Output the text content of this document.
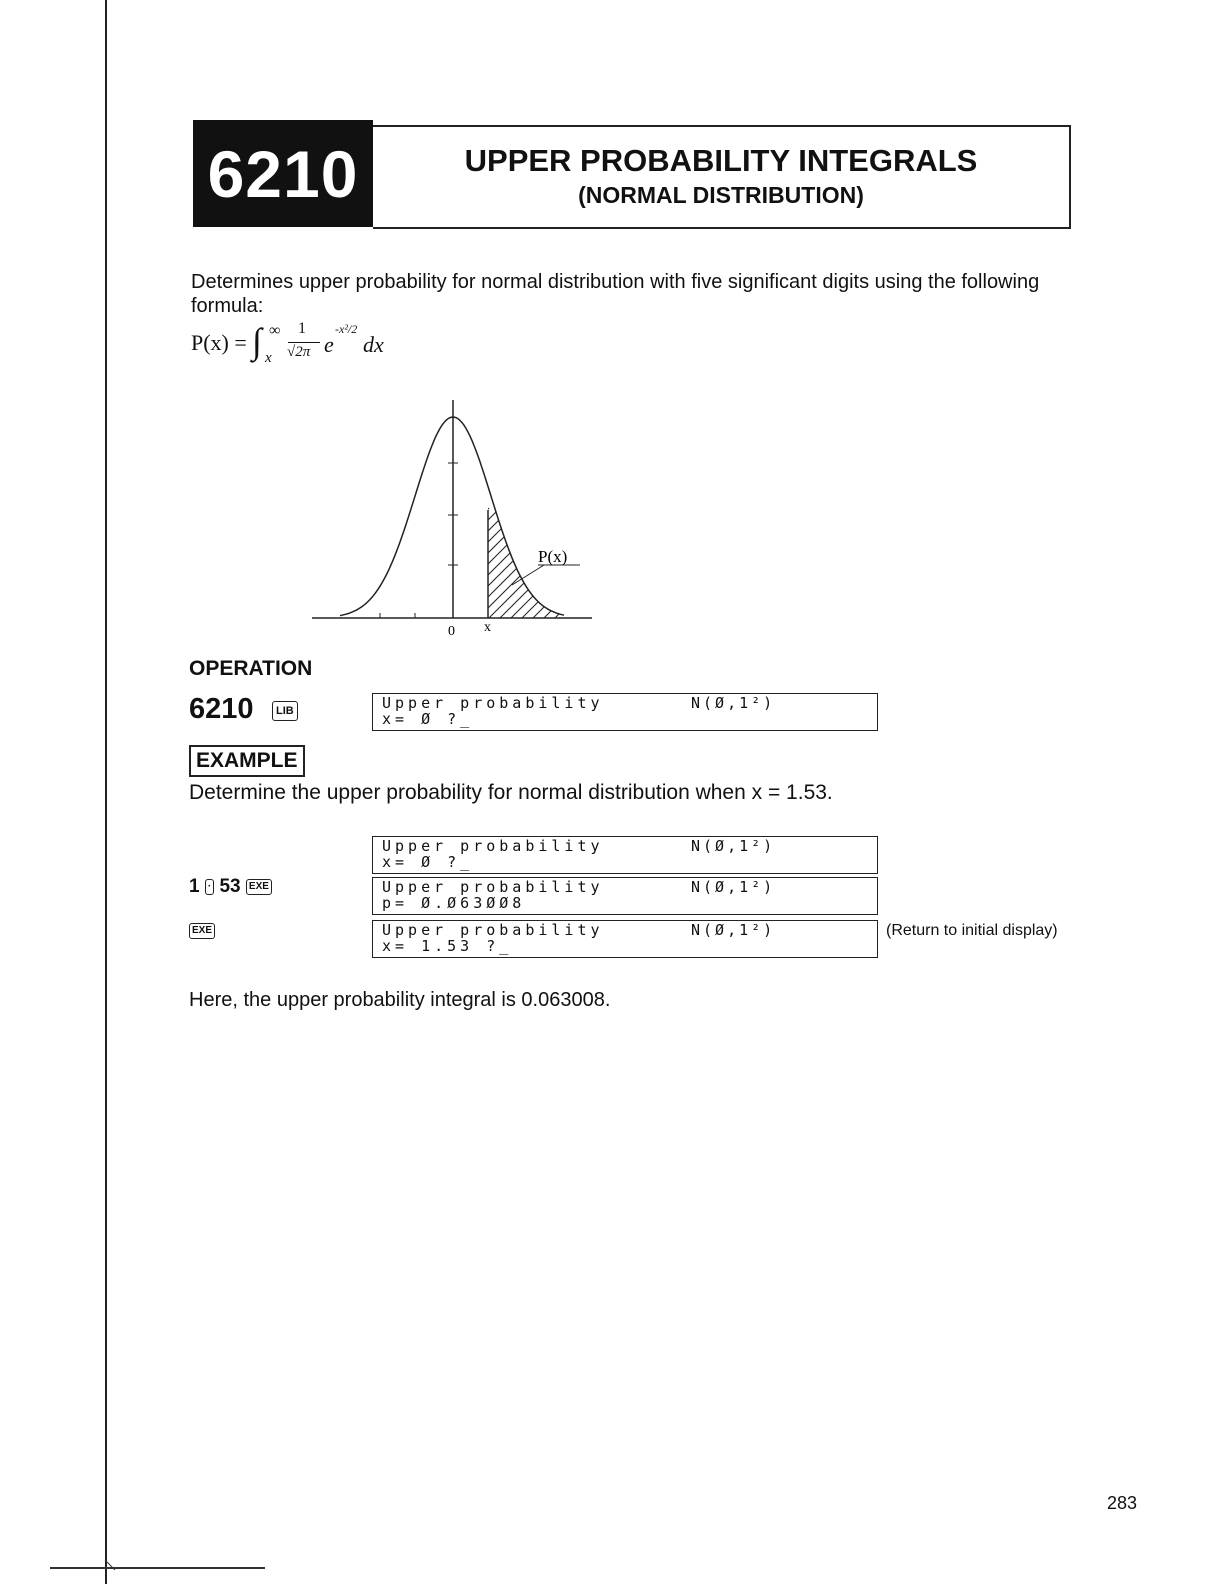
6210	UPPER PROBABILITY INTEGRALS
(NORMAL DISTRIBUTION)
Determines upper probability for normal distribution with five significant digits using the following formula:
P(x) = ∫ ∞
x
1
√2π e
-x²/2
dx
P(x)
0 x
OPERATION
6210	LIB	Upper probability	N(Ø,1²)
x= Ø ?_
EXAMPLE
Determine the upper probability for normal distribution when x = 1.53.
Upper probability	N(Ø,1²)
x= Ø ?_
1 · 53 EXE	Upper probability	N(Ø,1²)
p= Ø.Ø63ØØ8
EXE	Upper probability	N(Ø,1²)
x= 1.53 ?_
(Return to initial display)
Here, the upper probability integral is 0.063008.
283
